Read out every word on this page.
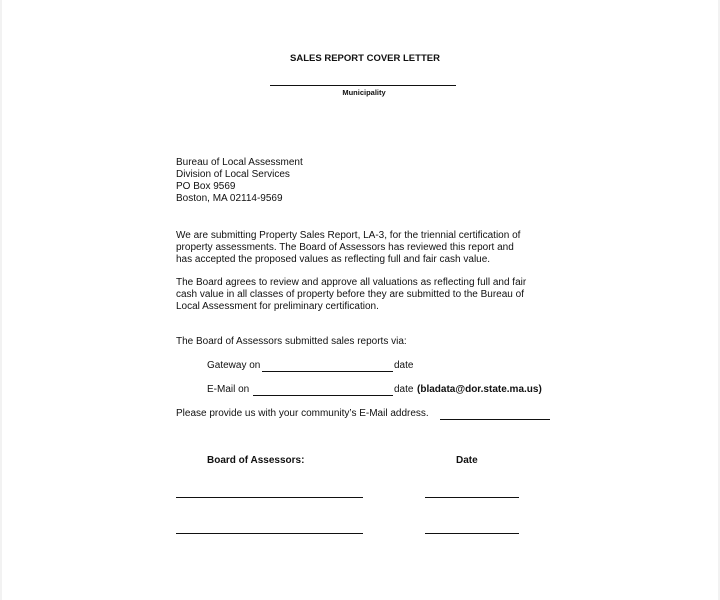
SALES REPORT COVER LETTER
Municipality
Bureau of Local Assessment
Division of Local Services
PO Box 9569
Boston, MA 02114-9569
We are submitting Property Sales Report, LA-3, for the triennial certification of
property assessments. The Board of Assessors has reviewed this report and
has accepted the proposed values as reflecting full and fair cash value.
The Board agrees to review and approve all valuations as reflecting full and fair
cash value in all classes of property before they are submitted to the Bureau of
Local Assessment for preliminary certification.
The Board of Assessors submitted sales reports via:
Gateway on	date
E-Mail on	date (bladata@dor.state.ma.us)
Please provide us with your community’s E-Mail address.
Board of Assessors:	Date
